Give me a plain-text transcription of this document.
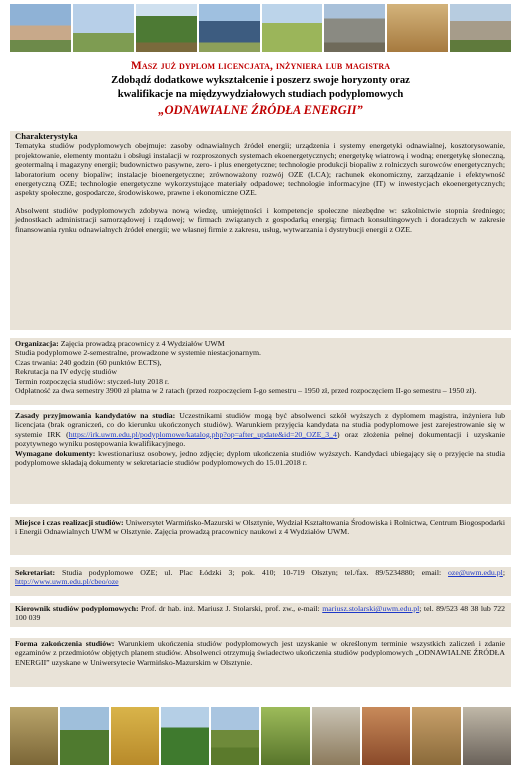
Masz już dyplom licencjata, inżyniera lub magistra
Zdobądź dodatkowe wykształcenie i poszerz swoje horyzonty oraz
kwalifikacje na międzywydziałowych studiach podyplomowych
„ODNAWIALNE ŹRÓDŁA ENERGII”
Charakterystyka
Tematyka studiów podyplomowych obejmuje: zasoby odnawialnych źródeł energii; urządzenia i systemy energetyki odnawialnej, kosztorysowanie, projektowanie, elementy montażu i obsługi instalacji w rozproszonych systemach ekoenergetycznych; energetykę wiatrową i wodną; energetykę słoneczną, geotermalną i magazyny energii; budownictwo pasywne, zero- i plus energetyczne; technologie produkcji biopaliw z rolniczych surowców energetycznych; laboratorium oceny biopaliw; instalacje bioenergetyczne; zrównoważony rozwój OZE (LCA); rachunek ekonomiczny, zarządzanie i efektywność energetyczną OZE; technologie energetyczne wykorzystujące materiały odpadowe; technologie informacyjne (IT) w inwestycjach ekoenergetycznych; aspekty społeczne, gospodarcze, środowiskowe, prawne i ekonomiczne OZE.
Absolwent studiów podyplomowych zdobywa nową wiedzę, umiejętności i kompetencje społeczne niezbędne w: szkolnictwie stopnia średniego; jednostkach administracji samorządowej i rządowej; w firmach związanych z gospodarką energią; firmach konsultingowych i doradczych w zakresie finansowania rynku odnawialnych źródeł energii; we własnej firmie z zakresu, usług, wytwarzania i dystrybucji energii z OZE.
Organizacja: Zajęcia prowadzą pracownicy z 4 Wydziałów UWM
Studia podyplomowe 2-semestralne, prowadzone w systemie niestacjonarnym.
Czas trwania: 240 godzin (60 punktów ECTS),
Rekrutacja na IV edycję studiów
Termin rozpoczęcia studiów: styczeń-luty 2018 r.
Odpłatność za dwa semestry 3900 zł płatna w 2 ratach (przed rozpoczęciem I-go semestru – 1950 zł, przed rozpoczęciem II-go semestru – 1950 zł).
Zasady przyjmowania kandydatów na studia: Uczestnikami studiów mogą być absolwenci szkół wyższych z dyplomem magistra, inżyniera lub licencjata (brak ograniczeń, co do kierunku ukończonych studiów). Warunkiem przyjęcia kandydata na studia podyplomowe jest zarejestrowanie się w systemie IRK (https://irk.uwm.edu.pl/podyplomowe/katalog.php?op=after_update&id=20_OZE_3_4) oraz złożenia pełnej dokumentacji i uzyskanie pozytywnego wyniku postępowania kwalifikacyjnego.
Wymagane dokumenty: kwestionariusz osobowy, jedno zdjęcie; dyplom ukończenia studiów wyższych. Kandydaci ubiegający się o przyjęcie na studia podyplomowe składają dokumenty w sekretariacie studiów podyplomowych do 15.01.2018 r.
Miejsce i czas realizacji studiów: Uniwersytet Warmińsko-Mazurski w Olsztynie, Wydział Kształtowania Środowiska i Rolnictwa, Centrum Biogospodarki i Energii Odnawialnych UWM w Olsztynie. Zajęcia prowadzą pracownicy naukowi z 4 Wydziałów UWM.
Sekretariat: Studia podyplomowe OZE; ul. Plac Łódzki 3; pok. 410; 10-719 Olsztyn; tel./fax. 89/5234880; email: oze@uwm.edu.pl; http://www.uwm.edu.pl/cbeo/oze
Kierownik studiów podyplomowych: Prof. dr hab. inż. Mariusz J. Stolarski, prof. zw., e-mail: mariusz.stolarski@uwm.edu.pl; tel. 89/523 48 38 lub 722 100 039
Forma zakończenia studiów: Warunkiem ukończenia studiów podyplomowych jest uzyskanie w określonym terminie wszystkich zaliczeń i zdanie egzaminów z przedmiotów objętych planem studiów. Absolwenci otrzymują świadectwo ukończenia studiów podyplomowych „ODNAWIALNE ŹRÓDŁA ENERGII” uzyskane w Uniwersytecie Warmińsko-Mazurskim w Olsztynie.
